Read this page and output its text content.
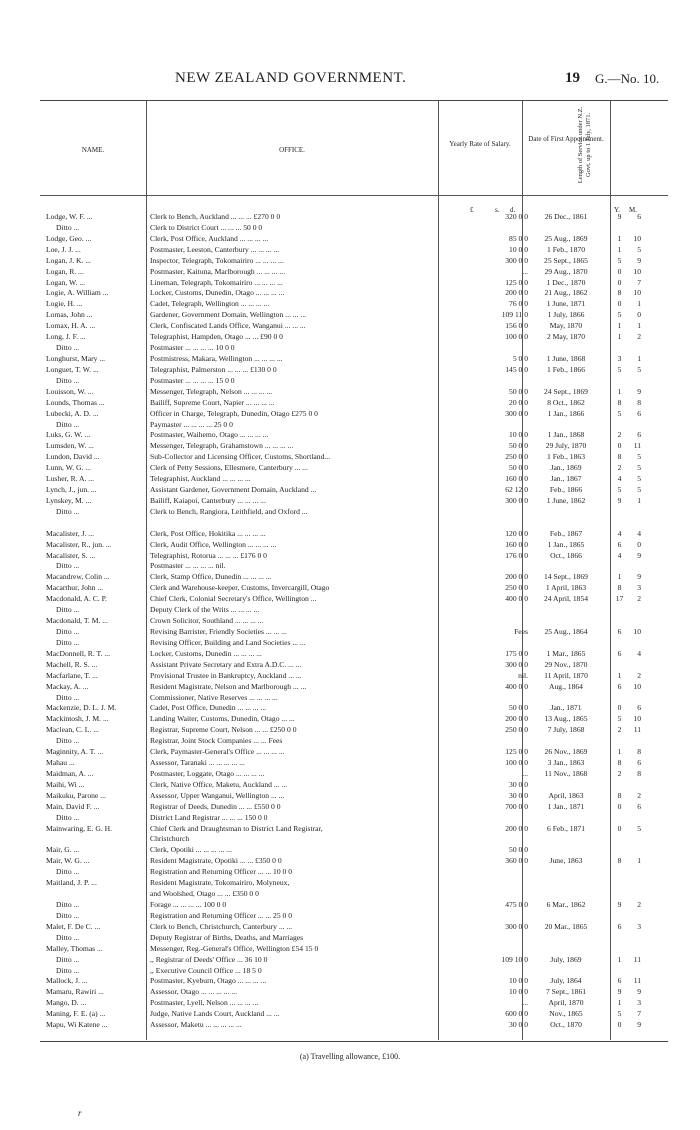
NEW ZEALAND GOVERNMENT.	19 G.—No. 10.
NAME.	OFFICE.
Yearly Rate of Salary.
Date of First Appointment.
Length of Service under N.Z. Govt. up to 1 July, 1871.
£	s. d.	Y. M.
Lodge, W. F. ...	Clerk to Bench, Auckland ... ... ... £270 0 0	320 0 0	26 Dec., 1861	9	6
Ditto ...	Clerk to District Court ... ... ... 50 0 0
Lodge, Geo. ...	Clerk, Post Office, Auckland ... ... ... ...	85 0 0	25 Aug., 1869	1	10
Loe, J. J. ...	Postmaster, Leeston, Canterbury ... ... ... ...	10 0 0	1 Feb., 1870	1	5
Logan, J. K. ...	Inspector, Telegraph, Tokomairiro ... ... ... ...	300 0 0	25 Sept., 1865	5	9
Logan, R. ...	Postmaster, Kaituna, Marlborough ... ... ... ...	...	29 Aug., 1870	0	10
Logan, W. ...	Lineman, Telegraph, Tokomairiro ... ... ... ...	125 0 0	1 Dec., 1870	0	7
Logie, A. William ...	Locker, Customs, Dunedin, Otago ... ... ... ...	200 0 0	21 Aug., 1862	8	10
Logie, H. ...	Cadet, Telegraph, Wellington ... ... ... ...	76 0 0	1 June, 1871	0	1
Lomas, John ...	Gardener, Government Domain, Wellington ... ... ...	109 11 0	1 July, 1866	5	0
Lomax, H. A. ...	Clerk, Confiscated Lands Office, Wanganui ... ... ...	156 0 0	May, 1870	1	1
Long, J. F. ...	Telegraphist, Hampden, Otago ... ... £90 0 0	100 0 0	2 May, 1870	1	2
Ditto ...	Postmaster ... ... ... ... 10 0 0
Longhurst, Mary ...	Postmistress, Makara, Wellington ... ... ... ...	5 0 0	1 June, 1868	3	1
Longuet, T. W. ...	Telegraphist, Palmerston ... ... ... £130 0 0	145 0 0	1 Feb., 1866	5	5
Ditto ...	Postmaster ... ... ... ... 15 0 0
Louisson, W. ...	Messenger, Telegraph, Nelson ... ... ... ...	50 0 0	24 Sept., 1869	1	9
Lounds, Thomas ...	Bailiff, Supreme Court, Napier ... ... ... ...	20 0 0	8 Oct., 1862	8	8
Lubecki, A. D. ...	Officer in Charge, Telegraph, Dunedin, Otago £275 0 0	300 0 0	1 Jan., 1866	5	6
Ditto ...	Paymaster ... ... ... ... 25 0 0
Luks, G. W. ...	Postmaster, Waihemo, Otago ... ... ... ...	10 0 0	1 Jan., 1868	2	6
Lumsden, W. ...	Messenger, Telegraph, Grahamstown ... ... ... ...	50 0 0	29 July, 1870	0	11
Lundon, David ...	Sub-Collector and Licensing Officer, Customs, Shortland...	250 0 0	1 Feb., 1863	8	5
Lunn, W. G. ...	Clerk of Petty Sessions, Ellesmere, Canterbury ... ...	50 0 0	Jan., 1869	2	5
Lusher, R. A. ...	Telegraphist, Auckland ... ... ... ...	160 0 0	Jan., 1867	4	5
Lynch, J., jun. ...	Assistant Gardener, Government Domain, Auckland ...	62 12 0	Feb., 1866	5	5
Lynskey, M. ...	Bailiff, Kaiapoi, Canterbury ... ... ... ...	300 0 0	1 June, 1862	9	1
Ditto ...	Clerk to Bench, Rangiora, Leithfield, and Oxford ...
Macalister, J. ...	Clerk, Post Office, Hokitika ... ... ... ...	120 0 0	Feb., 1867	4	4
Macalister, R., jun. ...	Clerk, Audit Office, Wellington ... ... ... ...	160 0 0	1 Jan., 1865	6	0
Macalister, S. ...	Telegraphist, Rotorua ... ... ... £176 0 0	176 0 0	Oct., 1866	4	9
Ditto ...	Postmaster ... ... ... ... nil.
Macandrew, Colin ...	Clerk, Stamp Office, Dunedin ... ... ... ...	200 0 0	14 Sept., 1869	1	9
Macarthur, John ...	Clerk and Warehouse-keeper, Customs, Invercargill, Otago	250 0 0	1 April, 1863	8	3
Macdonald, A. C. P.	Chief Clerk, Colonial Secretary's Office, Wellington ...	400 0 0	24 April, 1854	17	2
Ditto ...	Deputy Clerk of the Writs ... ... ... ...
Macdonald, T. M. ...	Crown Solicitor, Southland ... ... ... ...
Ditto ...	Revising Barrister, Friendly Societies ... ... ...	Fees	25 Aug., 1864	6	10
Ditto ...	Revising Officer, Building and Land Societies ... ...
MacDonnell, R. T. ...	Locker, Customs, Dunedin ... ... ... ...	175 0 0	1 Mar., 1865	6	4
Machell, R. S. ...	Assistant Private Secretary and Extra A.D.C. ... ...	300 0 0	29 Nov., 1870
Macfarlane, T. ...	Provisional Trustee in Bankruptcy, Auckland ... ...	nil.	11 April, 1870	1	2
Mackay, A. ...	Resident Magistrate, Nelson and Marlborough ... ...	400 0 0	Aug., 1864	6	10
Ditto ...	Commissioner, Native Reserves ... ... ... ...
Mackenzie, D. L. J. M.	Cadet, Post Office, Dunedin ... ... ... ...	50 0 0	Jan., 1871	0	6
Mackintosh, J. M. ...	Landing Waiter, Customs, Dunedin, Otago ... ...	200 0 0	13 Aug., 1865	5	10
Maclean, C. L. ...	Registrar, Supreme Court, Nelson ... ... £250 0 0	250 0 0	7 July, 1868	2	11
Ditto ...	Registrar, Joint Stock Companies ... ... Fees
Maginnity, A. T. ...	Clerk, Paymaster-General's Office ... ... ... ...	125 0 0	26 Nov., 1869	1	8
Mahau ...	Assessor, Taranaki ... ... ... ... ...	100 0 0	3 Jan., 1863	8	6
Maidman, A. ...	Postmaster, Loggate, Otago ... ... ... ...	...	11 Nov., 1868	2	8
Maihi, Wi ...	Clerk, Native Office, Maketu, Auckland ... ...	30 0 0
Maikuku, Parone ...	Assessor, Upper Wanganui, Wellington ... ...	30 0 0	April, 1863	8	2
Main, David F. ...	Registrar of Deeds, Dunedin ... ... £550 0 0	700 0 0	1 Jan., 1871	0	6
Ditto ...	District Land Registrar ... ... ... 150 0 0
Mainwaring, E. G. H.	Chief Clerk and Draughtsman to District Land Registrar,	200 0 0	6 Feb., 1871	0	5
Christchurch
Mair, G. ...	Clerk, Opotiki ... ... ... ... ...	50 0 0
Mair, W. G. ...	Resident Magistrate, Opotiki ... ... £350 0 0	360 0 0	June, 1863	8	1
Ditto ...	Registration and Returning Officer ... ... 10 0 0
Maitland, J. P. ...	Resident Magistrate, Tokomairiro, Molyneux,
and Woolshed, Otago ... ... £350 0 0
Ditto ...	Forage ... ... ... ... 100 0 0	475 0 0	6 Mar., 1862	9	2
Ditto ...	Registration and Returning Officer ... ... 25 0 0
Malet, F. De C. ...	Clerk to Bench, Christchurch, Canterbury ... ...	300 0 0	20 Mar., 1865	6	3
Ditto ...	Deputy Registrar of Births, Deaths, and Marriages
Malley, Thomas ...	Messenger, Reg.-General's Office, Wellington £54 15 0
Ditto ...	,, Registrar of Deeds' Office ... 36 10 0	109 10 0	July, 1869	1	11
Ditto ...	,, Executive Council Office ... 18 5 0
Mallock, J. ...	Postmaster, Kyeburn, Otago ... ... ... ...	10 0 0	July, 1864	6	11
Mamaru, Rawiri ...	Assessor, Otago ... ... ... ... ...	10 0 0	7 Sept., 1861	9	9
Mango, D. ...	Postmaster, Lyell, Nelson ... ... ... ...	...	April, 1870	1	3
Maning, F. E. (a) ...	Judge, Native Lands Court, Auckland ... ...	600 0 0	Nov., 1865	5	7
Mapu, Wi Katene ...	Assessor, Maketu ... ... ... ... ...	30 0 0	Oct., 1870	0	9
(a) Travelling allowance, £100.
r
